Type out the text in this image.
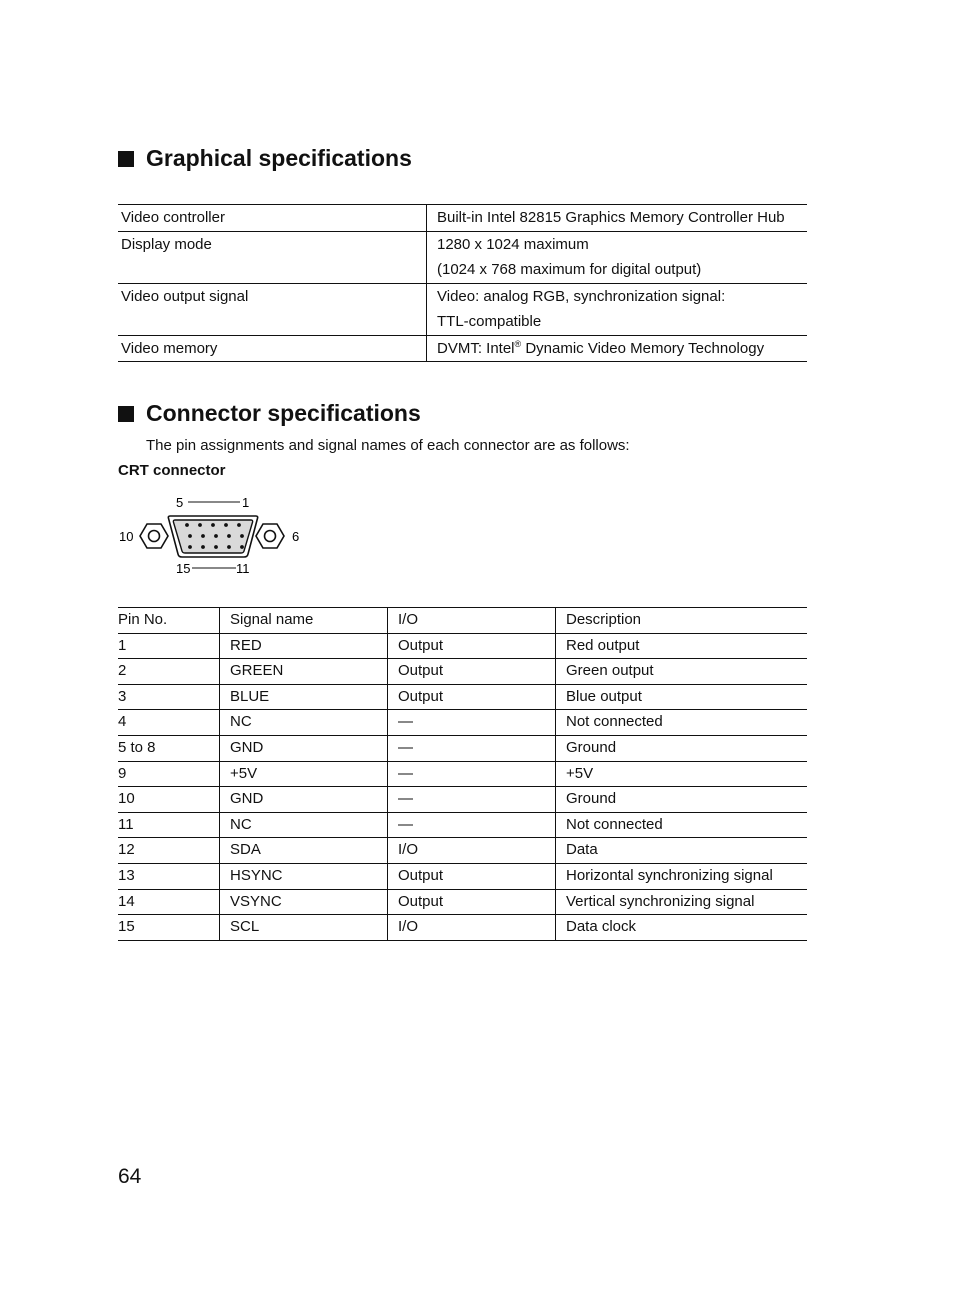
Graphical specifications
Video controller	Built-in Intel 82815 Graphics Memory Controller Hub

Display mode	1280 x 1024 maximum
(1024 x 768 maximum for digital output)

Video output signal	Video: analog RGB, synchronization signal:
TTL-compatible

Video memory	DVMT: Intel® Dynamic Video Memory Technology
Connector specifications
The pin assignments and signal names of each connector are as follows:
CRT connector
5	1
10	6
15	11
Pin No.	Signal name	I/O	Description
1	RED	Output	Red output
2	GREEN	Output	Green output
3	BLUE	Output	Blue output
4	NC	—	Not connected
5 to 8	GND	—	Ground
9	+5V	—	+5V
10	GND	—	Ground
11	NC	—	Not connected
12	SDA	I/O	Data
13	HSYNC	Output	Horizontal synchronizing signal
14	VSYNC	Output	Vertical synchronizing signal
15	SCL	I/O	Data clock
64
